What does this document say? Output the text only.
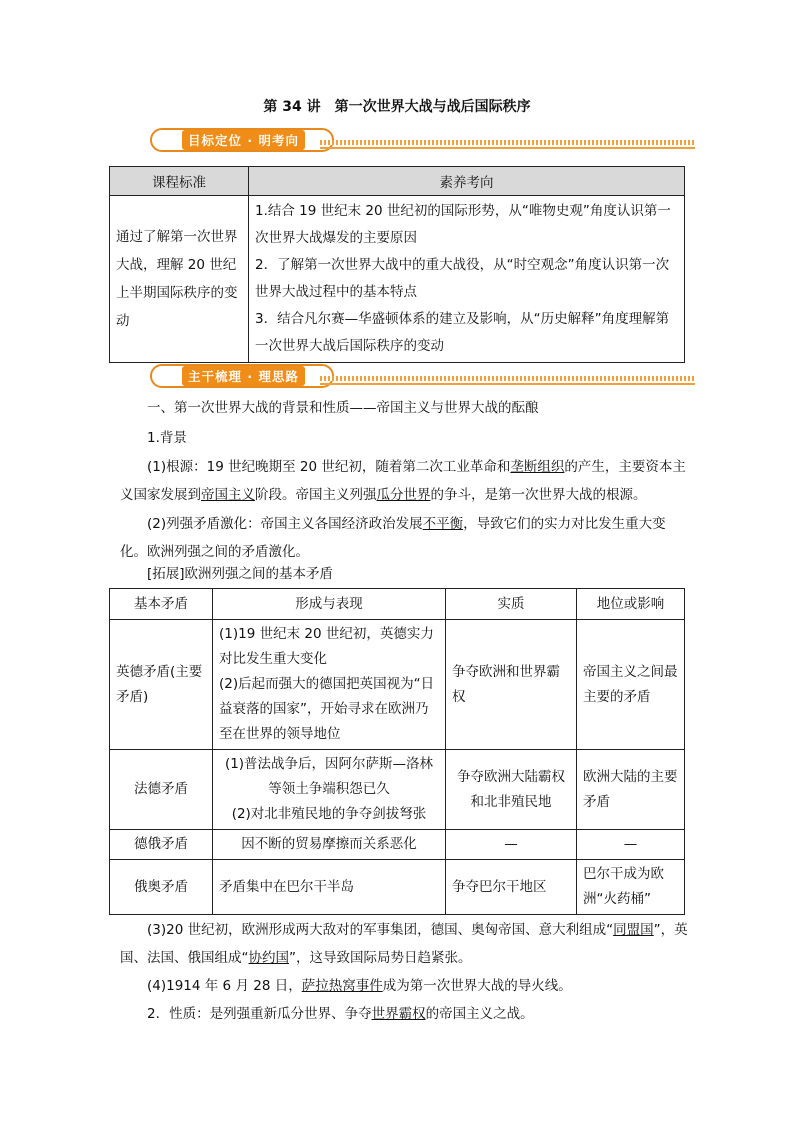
第 34 讲　第一次世界大战与战后国际秩序
目标定位 · 明考向
课程标准	素养考向
通过了解第一次世界大战，理解 20 世纪上半期国际秩序的变动	1.结合 19 世纪末 20 世纪初的国际形势，从“唯物史观”角度认识第一次世界大战爆发的主要原因
2．了解第一次世界大战中的重大战役，从“时空观念”角度认识第一次世界大战过程中的基本特点
3．结合凡尔赛—华盛顿体系的建立及影响，从“历史解释”角度理解第一次世界大战后国际秩序的变动
主干梳理 · 理思路
一、第一次世界大战的背景和性质——帝国主义与世界大战的酝酿
1.背景
(1)根源：19 世纪晚期至 20 世纪初，随着第二次工业革命和垄断组织的产生，主要资本主义国家发展到帝国主义阶段。帝国主义列强瓜分世界的争斗，是第一次世界大战的根源。
(2)列强矛盾激化：帝国主义各国经济政治发展不平衡，导致它们的实力对比发生重大变化。欧洲列强之间的矛盾激化。
[拓展]欧洲列强之间的基本矛盾
基本矛盾	形成与表现	实质	地位或影响
英德矛盾(主要矛盾)	(1)19 世纪末 20 世纪初，英德实力对比发生重大变化
(2)后起而强大的德国把英国视为“日益衰落的国家”，开始寻求在欧洲乃至在世界的领导地位	争夺欧洲和世界霸权	帝国主义之间最主要的矛盾
法德矛盾	(1)普法战争后，因阿尔萨斯—洛林等领土争端积怨已久
(2)对北非殖民地的争夺剑拔弩张	争夺欧洲大陆霸权和北非殖民地	欧洲大陆的主要矛盾
德俄矛盾	因不断的贸易摩擦而关系恶化	—	—
俄奥矛盾	矛盾集中在巴尔干半岛	争夺巴尔干地区	巴尔干成为欧洲“火药桶”
(3)20 世纪初，欧洲形成两大敌对的军事集团，德国、奥匈帝国、意大利组成“同盟国”，英国、法国、俄国组成“协约国”，这导致国际局势日趋紧张。
(4)1914 年 6 月 28 日，萨拉热窝事件成为第一次世界大战的导火线。
2．性质：是列强重新瓜分世界、争夺世界霸权的帝国主义之战。
